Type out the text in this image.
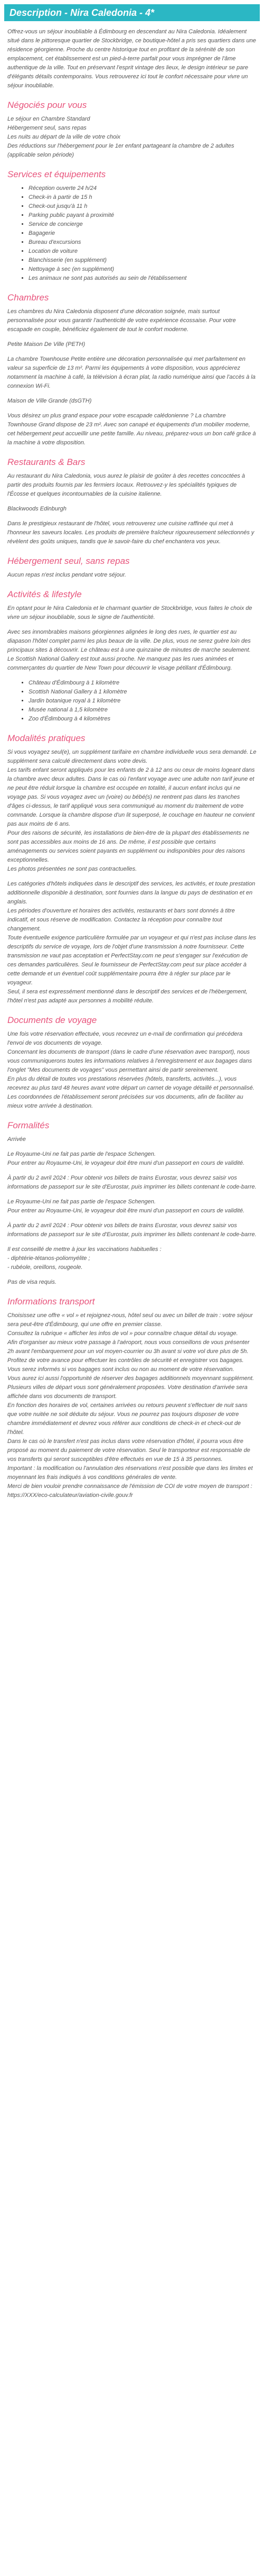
Description - Nira Caledonia - 4*

Offrez-vous un séjour inoubliable à Édimbourg en descendant au Nira Caledonia. Idéalement situé dans le pittoresque quartier de Stockbridge, ce boutique-hôtel a pris ses quartiers dans une résidence géorgienne. Proche du centre historique tout en profitant de la sérénité de son emplacement, cet établissement est un pied-à-terre parfait pour vous imprégner de l'âme authentique de la ville. Tout en préservant l'esprit vintage des lieux, le design intérieur se pare d'élégants détails contemporains. Vous retrouverez ici tout le confort nécessaire pour vivre un séjour inoubliable.

Négociés pour vous

Le séjour en Chambre Standard
Hébergement seul, sans repas
Les nuits au départ de la ville de votre choix
Des réductions sur l'hébergement pour le 1er enfant partageant la chambre de 2 adultes (applicable selon période)

Services et équipements
• Réception ouverte 24 h/24
• Check-in à partir de 15 h
• Check-out jusqu'à 11 h
• Parking public payant à proximité
• Service de concierge
• Bagagerie
• Bureau d'excursions
• Location de voiture
• Blanchisserie (en supplément)
• Nettoyage à sec (en supplément)
• Les animaux ne sont pas autorisés au sein de l'établissement
Chambres

Les chambres du Nira Caledonia disposent d'une décoration soignée, mais surtout personnalisée pour vous garantir l'authenticité de votre expérience écossaise. Pour votre escapade en couple, bénéficiez également de tout le confort moderne.

Petite Maison De Ville (PETH)

La chambre Townhouse Petite entière une décoration personnalisée qui met parfaitement en valeur sa superficie de 13 m². Parmi les équipements à votre disposition, vous apprécierez notamment la machine à café, la télévision à écran plat, la radio numérique ainsi que l'accès à la connexion Wi-Fi.

Maison de Ville Grande (dsGTH)

Vous désirez un plus grand espace pour votre escapade calédonienne ? La chambre Townhouse Grand dispose de 23 m². Avec son canapé et équipements d'un mobilier moderne, cet hébergement peut accueillir une petite famille. Au niveau, préparez-vous un bon café grâce à la machine à votre disposition.

Restaurants & Bars

Au restaurant du Nira Caledonia, vous aurez le plaisir de goûter à des recettes concoctées à partir des produits fournis par les fermiers locaux. Retrouvez-y les spécialités typiques de l'Écosse et quelques incontournables de la cuisine italienne.

Blackwoods Edinburgh

Dans le prestigieux restaurant de l'hôtel, vous retrouverez une cuisine raffinée qui met à l'honneur les saveurs locales. Les produits de première fraîcheur rigoureusement sélectionnés y révèlent des goûts uniques, tandis que le savoir-faire du chef enchantera vos yeux.

Hébergement seul, sans repas

Aucun repas n'est inclus pendant votre séjour.

Activités & lifestyle

En optant pour le Nira Caledonia et le charmant quartier de Stockbridge, vous faites le choix de vivre un séjour inoubliable, sous le signe de l'authenticité.

Avec ses innombrables maisons géorgiennes alignées le long des rues, le quartier est au diapason l'hôtel complet parmi les plus beaux de la ville. De plus, vous ne serez guère loin des principaux sites à découvrir. Le château est à une quinzaine de minutes de marche seulement. Le Scottish National Gallery est tout aussi proche. Ne manquez pas les rues animées et commerçantes du quartier de New Town pour découvrir le visage pétillant d'Édimbourg.

• Château d'Édimbourg à 1 kilomètre
• Scottish National Gallery à 1 kilomètre
• Jardin botanique royal à 1 kilomètre
• Musée national à 1,5 kilomètre
• Zoo d'Édimbourg à 4 kilomètres
Modalités pratiques

Si vous voyagez seul(e), un supplément tarifaire en chambre individuelle vous sera demandé. Le supplément sera calculé directement dans votre devis.
Les tarifs enfant seront appliqués pour les enfants de 2 à 12 ans ou ceux de moins logeant dans la chambre avec deux adultes. Dans le cas où l'enfant voyage avec une adulte non tarif jeune et ne peut être réduit lorsque la chambre est occupée en totalité, il aucun enfant inclus qui ne voyage pas. Si vous voyagez avec un (voire) ou bébé(s) ne rentrent pas dans les tranches d'âges ci-dessus, le tarif appliqué vous sera communiqué au moment du traitement de votre commande. Lorsque la chambre dispose d'un lit superposé, le couchage en hauteur ne convient pas aux moins de 6 ans.
Pour des raisons de sécurité, les installations de bien-être de la plupart des établissements ne sont pas accessibles aux moins de 16 ans. De même, il est possible que certains aménagements ou services soient payants en supplément ou indisponibles pour des raisons exceptionnelles.
Les photos présentées ne sont pas contractuelles.

Les catégories d'hôtels indiquées dans le descriptif des services, les activités, et toute prestation additionnelle disponible à destination, sont fournies dans la langue du pays de destination et en anglais.
Les périodes d'ouverture et horaires des activités, restaurants et bars sont donnés à titre indicatif, et sous réserve de modification. Contactez la réception pour connaître tout changement.
Toute éventuelle exigence particulière formulée par un voyageur et qui n'est pas incluse dans les descriptifs du service de voyage, lors de l'objet d'une transmission à notre fournisseur. Cette transmission ne vaut pas acceptation et PerfectStay.com ne peut s'engager sur l'exécution de ces demandes particulières. Seul le fournisseur de PerfectStay.com peut sur place accéder à cette demande et un éventuel coût supplémentaire pourra être à régler sur place par le voyageur.
Seul, il sera est expressément mentionné dans le descriptif des services et de l'hébergement, l'hôtel n'est pas adapté aux personnes à mobilité réduite.

Documents de voyage

Une fois votre réservation effectuée, vous recevrez un e-mail de confirmation qui précédera l'envoi de vos documents de voyage.
Concernant les documents de transport (dans le cadre d'une réservation avec transport), nous vous communiquerons toutes les informations relatives à l'enregistrement et aux bagages dans l'onglet "Mes documents de voyages" vous permettant ainsi de partir sereinement.
En plus du détail de toutes vos prestations réservées (hôtels, transferts, activités...), vous recevrez au plus tard 48 heures avant votre départ un carnet de voyage détaillé et personnalisé.
Les coordonnées de l'établissement seront précisées sur vos documents, afin de faciliter au mieux votre arrivée à destination.

Formalités

Arrivée

Le Royaume-Uni ne fait pas partie de l'espace Schengen.
Pour entrer au Royaume-Uni, le voyageur doit être muni d'un passeport en cours de validité.

À partir du 2 avril 2024 : Pour obtenir vos billets de trains Eurostar, vous devrez saisir vos informations de passeport sur le site d'Eurostar, puis imprimer les billets contenant le code-barre.

Le Royaume-Uni ne fait pas partie de l'espace Schengen.
Pour entrer au Royaume-Uni, le voyageur doit être muni d'un passeport en cours de validité.

À partir du 2 avril 2024 : Pour obtenir vos billets de trains Eurostar, vous devrez saisir vos informations de passeport sur le site d'Eurostar, puis imprimer les billets contenant le code-barre.

Il est conseillé de mettre à jour les vaccinations habituelles :
- diphtérie-tétanos-poliomyélite ;
- rubéole, oreillons, rougeole.

Pas de visa requis.

Informations transport

Choisissez une offre « vol » et rejoignez-nous, hôtel seul ou avec un billet de train : votre séjour sera peut-être d'Édimbourg, qui une offre en premier classe.
Consultez la rubrique « afficher les infos de vol » pour connaître chaque détail du voyage.
Afin d'organiser au mieux votre passage à l'aéroport, nous vous conseillons de vous présenter 2h avant l'embarquement pour un vol moyen-courrier ou 3h avant si votre vol dure plus de 5h. Profitez de votre avance pour effectuer les contrôles de sécurité et enregistrer vos bagages.
Vous serez informés si vos bagages sont inclus ou non au moment de votre réservation.
Vous aurez ici aussi l'opportunité de réserver des bagages additionnels moyennant supplément.
Plusieurs villes de départ vous sont généralement proposées. Votre destination d'arrivée sera affichée dans vos documents de transport.
En fonction des horaires de vol, certaines arrivées ou retours peuvent s'effectuer de nuit sans que votre nuitée ne soit déduite du séjour. Vous ne pourrez pas toujours disposer de votre chambre immédiatement et devrez vous référer aux conditions de check-in et check-out de l'hôtel.
Dans le cas où le transfert n'est pas inclus dans votre réservation d'hôtel, il pourra vous être proposé au moment du paiement de votre réservation. Seul le transporteur est responsable de vos transferts qui seront susceptibles d'être effectués en vue de 15 à 35 personnes.
Important : la modification ou l'annulation des réservations n'est possible que dans les limites et moyennant les frais indiqués à vos conditions générales de vente.
Merci de bien vouloir prendre connaissance de l'émission de COI de votre moyen de transport : https://XXX/eco-calculateur/aviation-civile.gouv.fr
